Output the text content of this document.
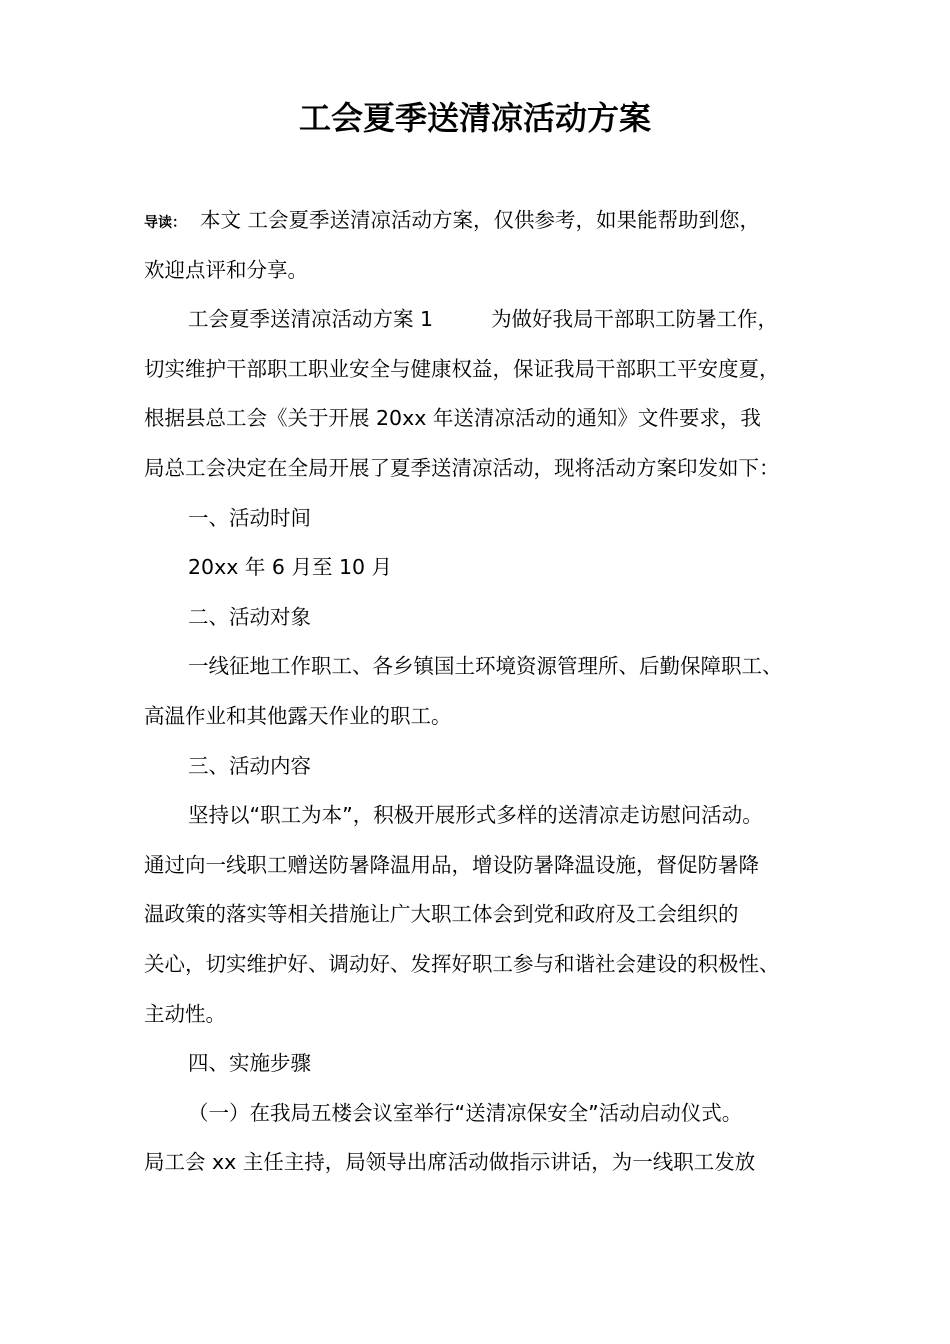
工会夏季送清凉活动方案
导读： 本文 工会夏季送清凉活动方案，仅供参考，如果能帮助到您，
欢迎点评和分享。
工会夏季送清凉活动方案 1	为做好我局干部职工防暑工作，
切实维护干部职工职业安全与健康权益，保证我局干部职工平安度夏，
根据县总工会《关于开展 20xx 年送清凉活动的通知》文件要求，我
局总工会决定在全局开展了夏季送清凉活动，现将活动方案印发如下：
一、活动时间
20xx 年 6 月至 10 月
二、活动对象
一线征地工作职工、各乡镇国土环境资源管理所、后勤保障职工、
高温作业和其他露天作业的职工。
三、活动内容
坚持以“职工为本”，积极开展形式多样的送清凉走访慰问活动。
通过向一线职工赠送防暑降温用品，增设防暑降温设施，督促防暑降
温政策的落实等相关措施让广大职工体会到党和政府及工会组织的
关心，切实维护好、调动好、发挥好职工参与和谐社会建设的积极性、
主动性。
四、实施步骤
（一）在我局五楼会议室举行“送清凉保安全”活动启动仪式。
局工会 xx 主任主持，局领导出席活动做指示讲话，为一线职工发放
